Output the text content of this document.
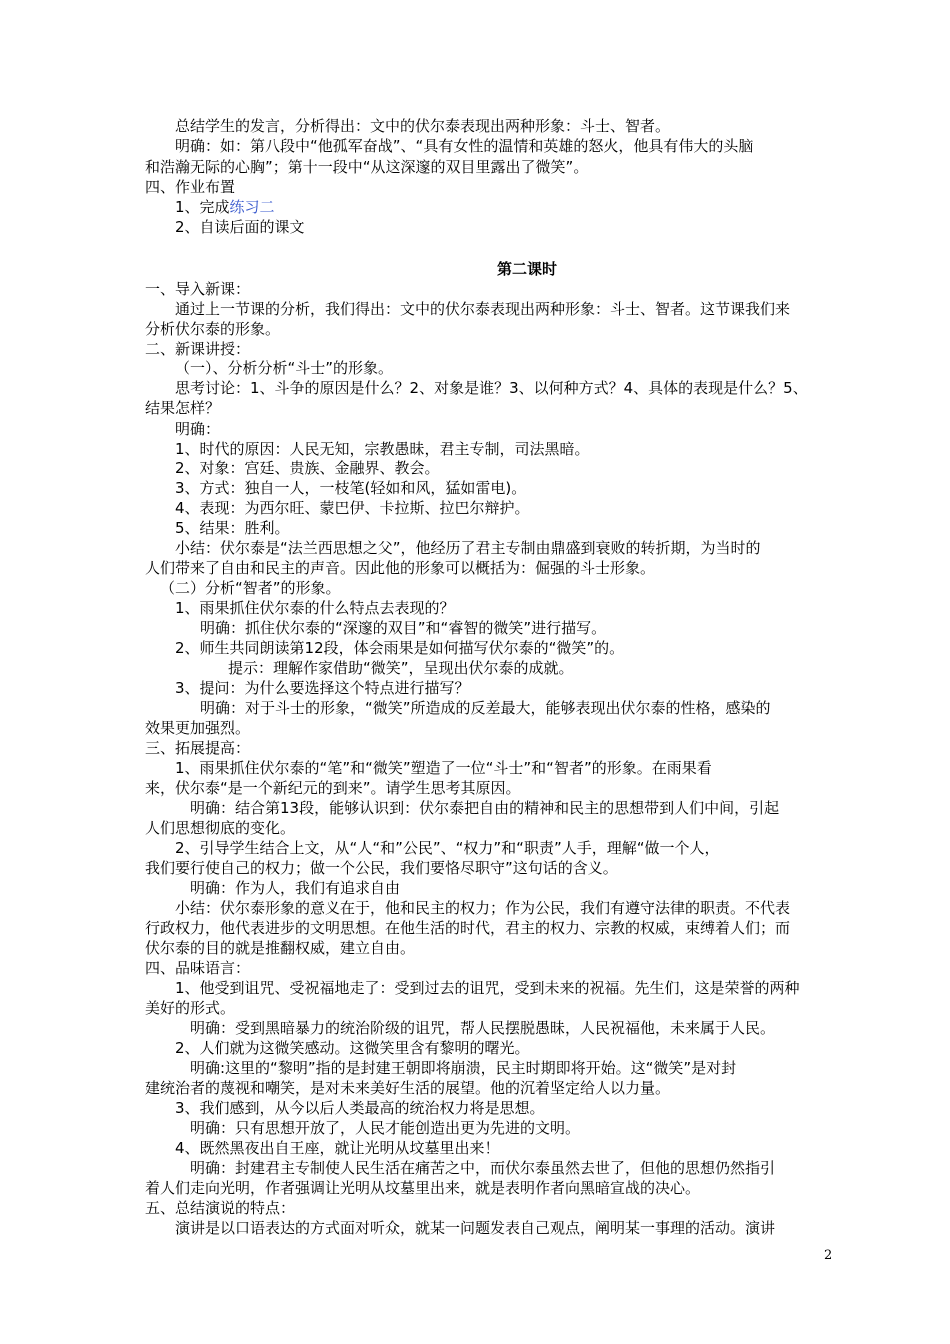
总结学生的发言，分析得出：文中的伏尔泰表现出两种形象：斗士、智者。
明确：如：第八段中“他孤军奋战”、“具有女性的温情和英雄的怒火，他具有伟大的头脑
和浩瀚无际的心胸”；第十一段中“从这深邃的双目里露出了微笑”。
四、作业布置
1、完成练习二
2、自读后面的课文
第二课时
一、导入新课：
通过上一节课的分析，我们得出：文中的伏尔泰表现出两种形象：斗士、智者。这节课我们来
分析伏尔泰的形象。
二、新课讲授：
（一）、分析分析“斗士”的形象。
思考讨论：1、斗争的原因是什么？2、对象是谁？3、以何种方式？4、具体的表现是什么？5、
结果怎样？
明确：
1、时代的原因：人民无知，宗教愚昧，君主专制，司法黑暗。
2、对象：宫廷、贵族、金融界、教会。
3、方式：独自一人，一枝笔(轻如和风，猛如雷电)。
4、表现：为西尔旺、蒙巴伊、卡拉斯、拉巴尔辩护。
5、结果：胜利。
小结：伏尔泰是“法兰西思想之父”，他经历了君主专制由鼎盛到衰败的转折期，为当时的
人们带来了自由和民主的声音。因此他的形象可以概括为：倔强的斗士形象。
（二）分析“智者”的形象。
1、雨果抓住伏尔泰的什么特点去表现的？
明确：抓住伏尔泰的“深邃的双目”和“睿智的微笑”进行描写。
2、师生共同朗读第12段，体会雨果是如何描写伏尔泰的“微笑”的。
提示：理解作家借助“微笑”，呈现出伏尔泰的成就。
3、提问：为什么要选择这个特点进行描写？
明确：对于斗士的形象，“微笑”所造成的反差最大，能够表现出伏尔泰的性格，感染的
效果更加强烈。
三、拓展提高：
1、雨果抓住伏尔泰的“笔”和“微笑”塑造了一位“斗士”和“智者”的形象。在雨果看
来，伏尔泰“是一个新纪元的到来”。请学生思考其原因。
明确：结合第13段，能够认识到：伏尔泰把自由的精神和民主的思想带到人们中间，引起
人们思想彻底的变化。
2、引导学生结合上文，从“人“和”公民”、“权力”和“职责”人手，理解“做一个人，
我们要行使自己的权力；做一个公民，我们要恪尽职守”这句话的含义。
明确：作为人，我们有追求自由
小结：伏尔泰形象的意义在于，他和民主的权力；作为公民，我们有遵守法律的职责。不代表
行政权力，他代表进步的文明思想。在他生活的时代，君主的权力、宗教的权威，束缚着人们；而
伏尔泰的目的就是推翻权威，建立自由。
四、品味语言：
1、他受到诅咒、受祝福地走了：受到过去的诅咒，受到未来的祝福。先生们，这是荣誉的两种
美好的形式。
明确：受到黑暗暴力的统治阶级的诅咒，帮人民摆脱愚昧，人民祝福他，未来属于人民。
2、人们就为这微笑感动。这微笑里含有黎明的曙光。
明确:这里的“黎明”指的是封建王朝即将崩溃，民主时期即将开始。这“微笑”是对封
建统治者的蔑视和嘲笑，是对未来美好生活的展望。他的沉着坚定给人以力量。
3、我们感到，从今以后人类最高的统治权力将是思想。
明确：只有思想开放了，人民才能创造出更为先进的文明。
4、既然黑夜出自王座，就让光明从坟墓里出来！
明确：封建君主专制使人民生活在痛苦之中，而伏尔泰虽然去世了，但他的思想仍然指引
着人们走向光明，作者强调让光明从坟墓里出来，就是表明作者向黑暗宣战的决心。
五、总结演说的特点：
演讲是以口语表达的方式面对听众，就某一问题发表自己观点，阐明某一事理的活动。演讲
2
